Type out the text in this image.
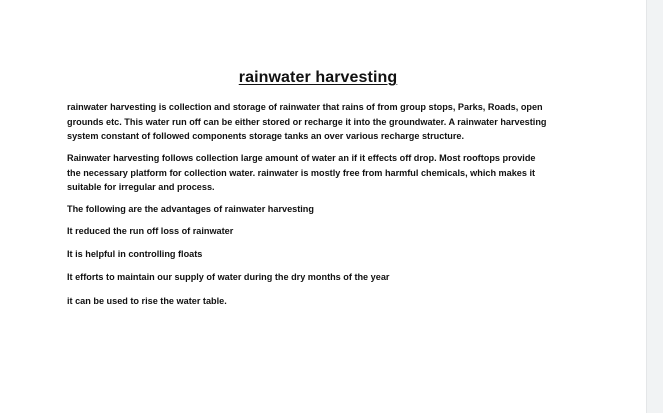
rainwater harvesting

rainwater harvesting is collection and storage of rainwater that rains of from group stops, Parks, Roads, open
grounds etc. This water run off can be either stored or recharge it into the groundwater. A rainwater harvesting
system constant of followed components storage tanks an over various recharge structure.

Rainwater harvesting follows collection large amount of water an if it effects off drop. Most rooftops provide
the necessary platform for collection water. rainwater is mostly free from harmful chemicals, which makes it
suitable for irregular and process.

The following are the advantages of rainwater harvesting

It reduced the run off loss of rainwater

It is helpful in controlling floats

It efforts to maintain our supply of water during the dry months of the year

it can be used to rise the water table.
